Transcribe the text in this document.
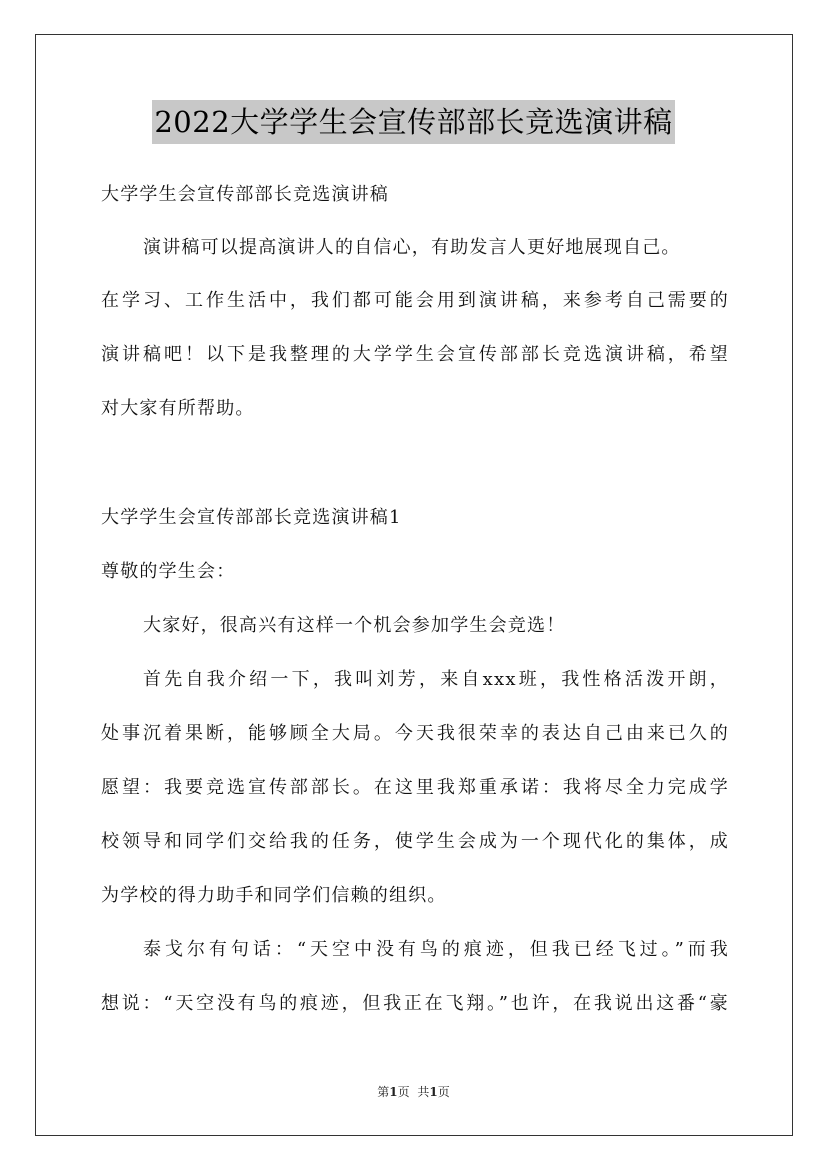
2022大学学生会宣传部部长竞选演讲稿
大学学生会宣传部部长竞选演讲稿
演讲稿可以提高演讲人的自信心，有助发言人更好地展现自己。
在学习、工作生活中，我们都可能会用到演讲稿，来参考自己需要的
演讲稿吧！以下是我整理的大学学生会宣传部部长竞选演讲稿，希望
对大家有所帮助。
大学学生会宣传部部长竞选演讲稿1
尊敬的学生会：
大家好，很高兴有这样一个机会参加学生会竞选！
首先自我介绍一下，我叫刘芳，来自xxx班，我性格活泼开朗，
处事沉着果断，能够顾全大局。今天我很荣幸的表达自己由来已久的
愿望：我要竞选宣传部部长。在这里我郑重承诺：我将尽全力完成学
校领导和同学们交给我的任务，使学生会成为一个现代化的集体，成
为学校的得力助手和同学们信赖的组织。
泰戈尔有句话：“天空中没有鸟的痕迹，但我已经飞过。”而我
想说：“天空没有鸟的痕迹，但我正在飞翔。”也许，在我说出这番“豪
第1页 共1页
